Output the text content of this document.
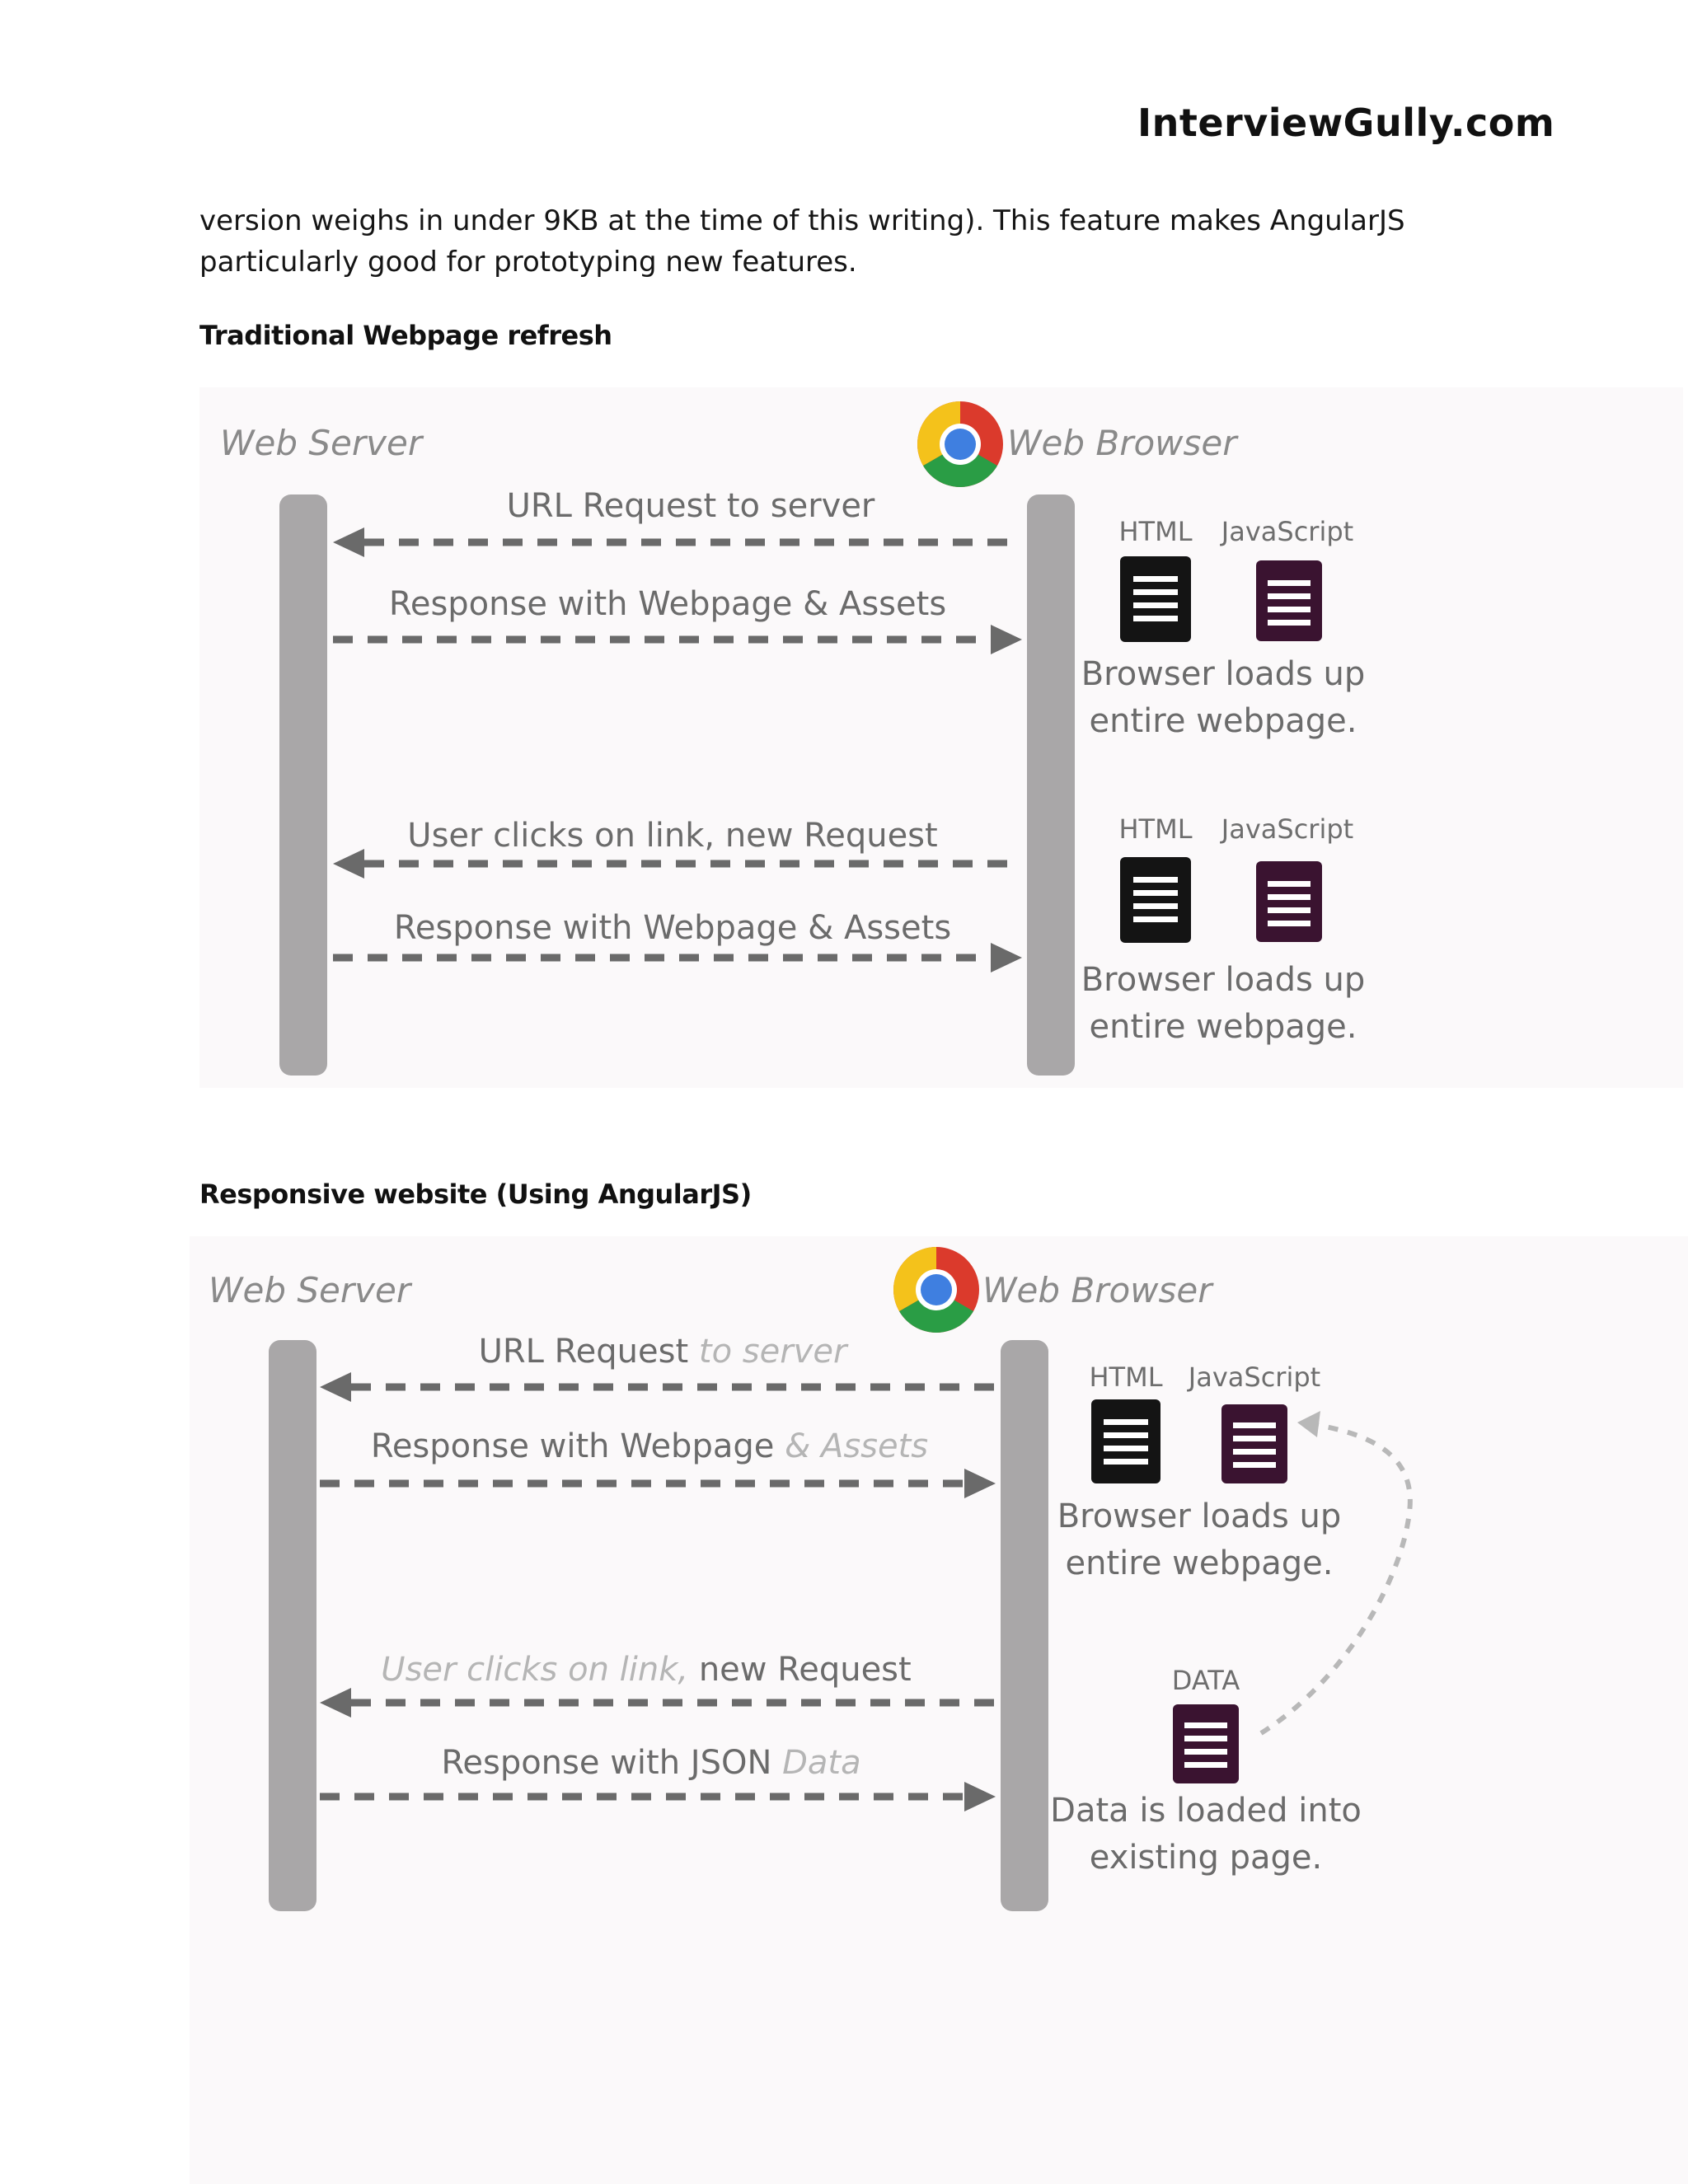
InterviewGully.com

version weighs in under 9KB at the time of this writing). This feature makes AngularJS

particularly good for prototyping new features.

Traditional Webpage refresh
Web Server	Web Browser
URL Request to server
Response with Webpage & Assets
User clicks on link, new Request
Response with Webpage & Assets
HTML JavaScript
Browser loads up
entire webpage.
HTML JavaScript
Browser loads up
entire webpage.
Responsive website (Using AngularJS)
Web Server	Web Browser
URL Request to server
Response with Webpage & Assets
User clicks on link, new Request
Response with JSON Data
HTML JavaScript
Browser loads up
entire webpage.
DATA
Data is loaded into
existing page.
